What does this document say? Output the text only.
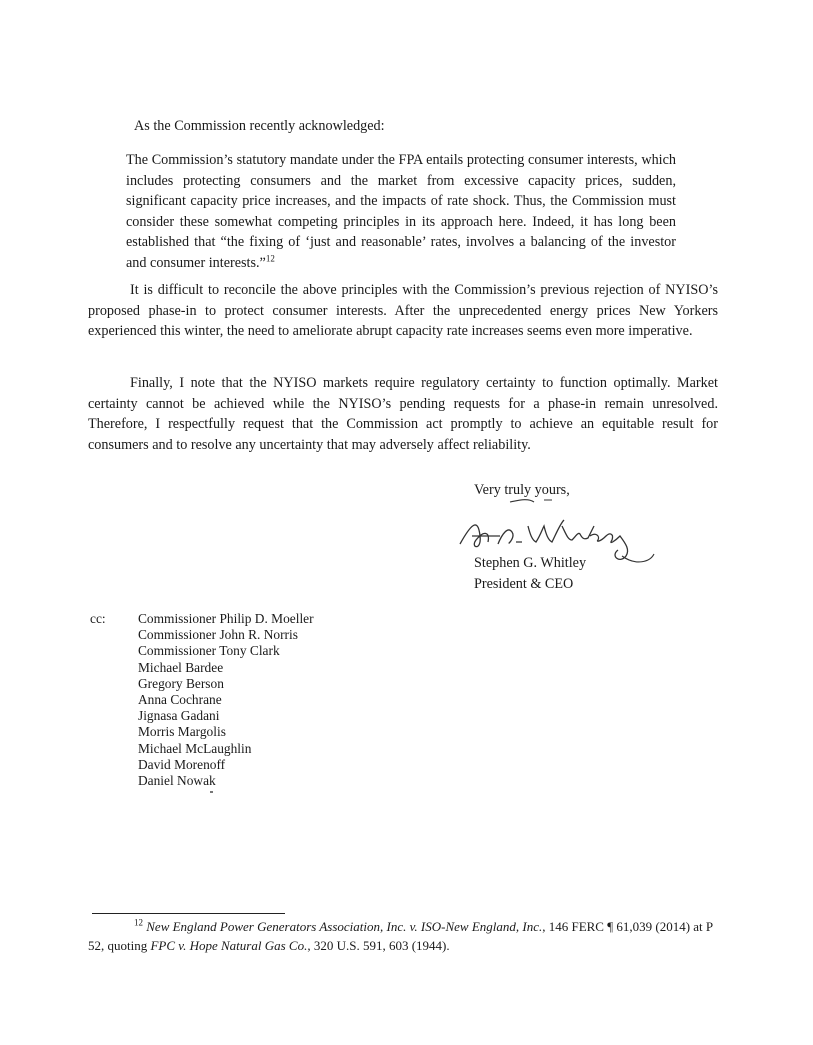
As the Commission recently acknowledged:

The Commission’s statutory mandate under the FPA entails protecting consumer interests, which includes protecting consumers and the market from excessive capacity prices, sudden, significant capacity price increases, and the impacts of rate shock. Thus, the Commission must consider these somewhat competing principles in its approach here. Indeed, it has long been established that “the fixing of ‘just and reasonable’ rates, involves a balancing of the investor and consumer interests.”$^{12}$

It is difficult to reconcile the above principles with the Commission’s previous rejection of NYISO’s proposed phase-in to protect consumer interests. After the unprecedented energy prices New Yorkers experienced this winter, the need to ameliorate abrupt capacity rate increases seems even more imperative.

Finally, I note that the NYISO markets require regulatory certainty to function optimally. Market certainty cannot be achieved while the NYISO’s pending requests for a phase-in remain unresolved. Therefore, I respectfully request that the Commission act promptly to achieve an equitable result for consumers and to resolve any uncertainty that may adversely affect reliability.

Very truly yours,

Stephen G. Whitley
President & CEO

cc: Commissioner Philip D. Moeller
Commissioner John R. Norris
Commissioner Tony Clark
Michael Bardee
Gregory Berson
Anna Cochrane
Jignasa Gadani
Morris Margolis
Michael McLaughlin
David Morenoff
Daniel Nowak

$^{12}$ New England Power Generators Association, Inc. v. ISO-New England, Inc., 146 FERC ¶ 61,039 (2014) at P 52, quoting FPC v. Hope Natural Gas Co., 320 U.S. 591, 603 (1944).
